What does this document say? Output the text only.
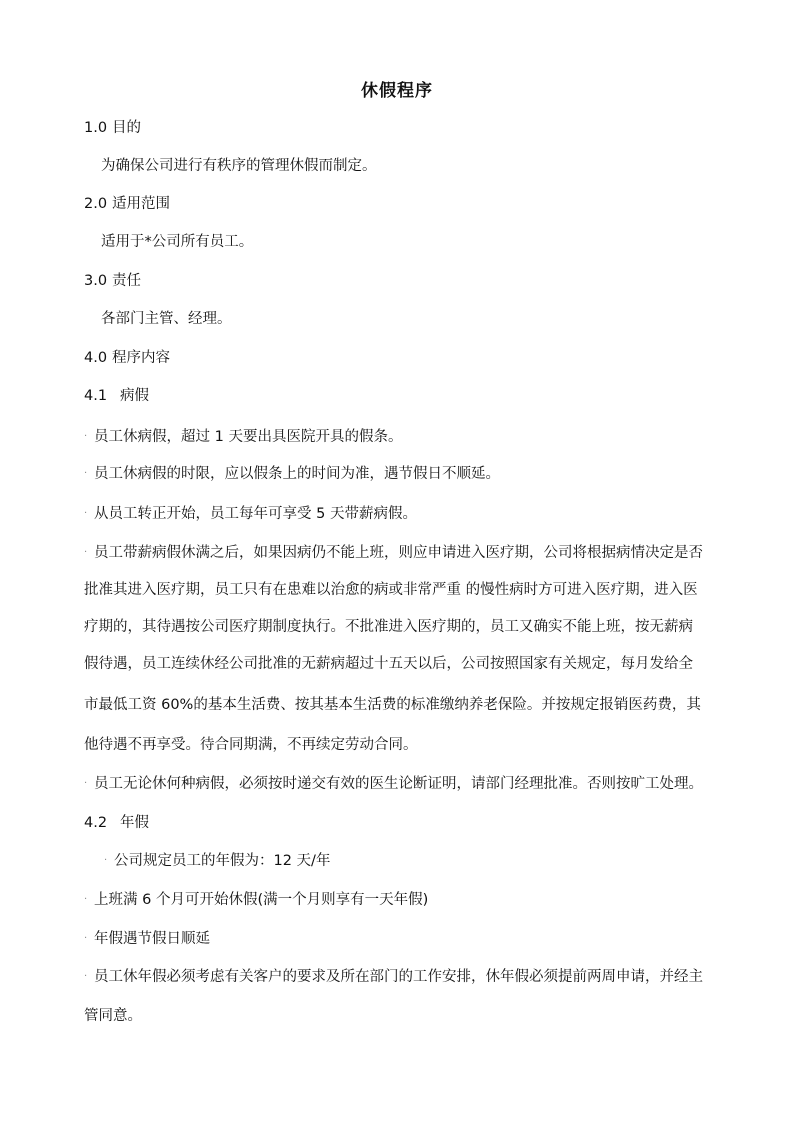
休假程序
1.0 目的
为确保公司进行有秩序的管理休假而制定。
2.0 适用范围
适用于*公司所有员工。
3.0 责任
各部门主管、经理。
4.0 程序内容
4.1 病假
· 员工休病假，超过 1 天要出具医院开具的假条。
· 员工休病假的时限，应以假条上的时间为准，遇节假日不顺延。
· 从员工转正开始，员工每年可享受 5 天带薪病假。
· 员工带薪病假休满之后，如果因病仍不能上班，则应申请进入医疗期，公司将根据病情决定是否
批准其进入医疗期，员工只有在患难以治愈的病或非常严重 的慢性病时方可进入医疗期，进入医
疗期的，其待遇按公司医疗期制度执行。不批准进入医疗期的，员工又确实不能上班，按无薪病
假待遇，员工连续休经公司批准的无薪病超过十五天以后，公司按照国家有关规定，每月发给全
市最低工资 60%的基本生活费、按其基本生活费的标准缴纳养老保险。并按规定报销医药费，其
他待遇不再享受。待合同期满，不再续定劳动合同。
· 员工无论休何种病假，必须按时递交有效的医生论断证明，请部门经理批准。否则按旷工处理。
4.2 年假
· 公司规定员工的年假为：12 天/年
· 上班满 6 个月可开始休假(满一个月则享有一天年假)
· 年假遇节假日顺延
· 员工休年假必须考虑有关客户的要求及所在部门的工作安排，休年假必须提前两周申请，并经主
管同意。
